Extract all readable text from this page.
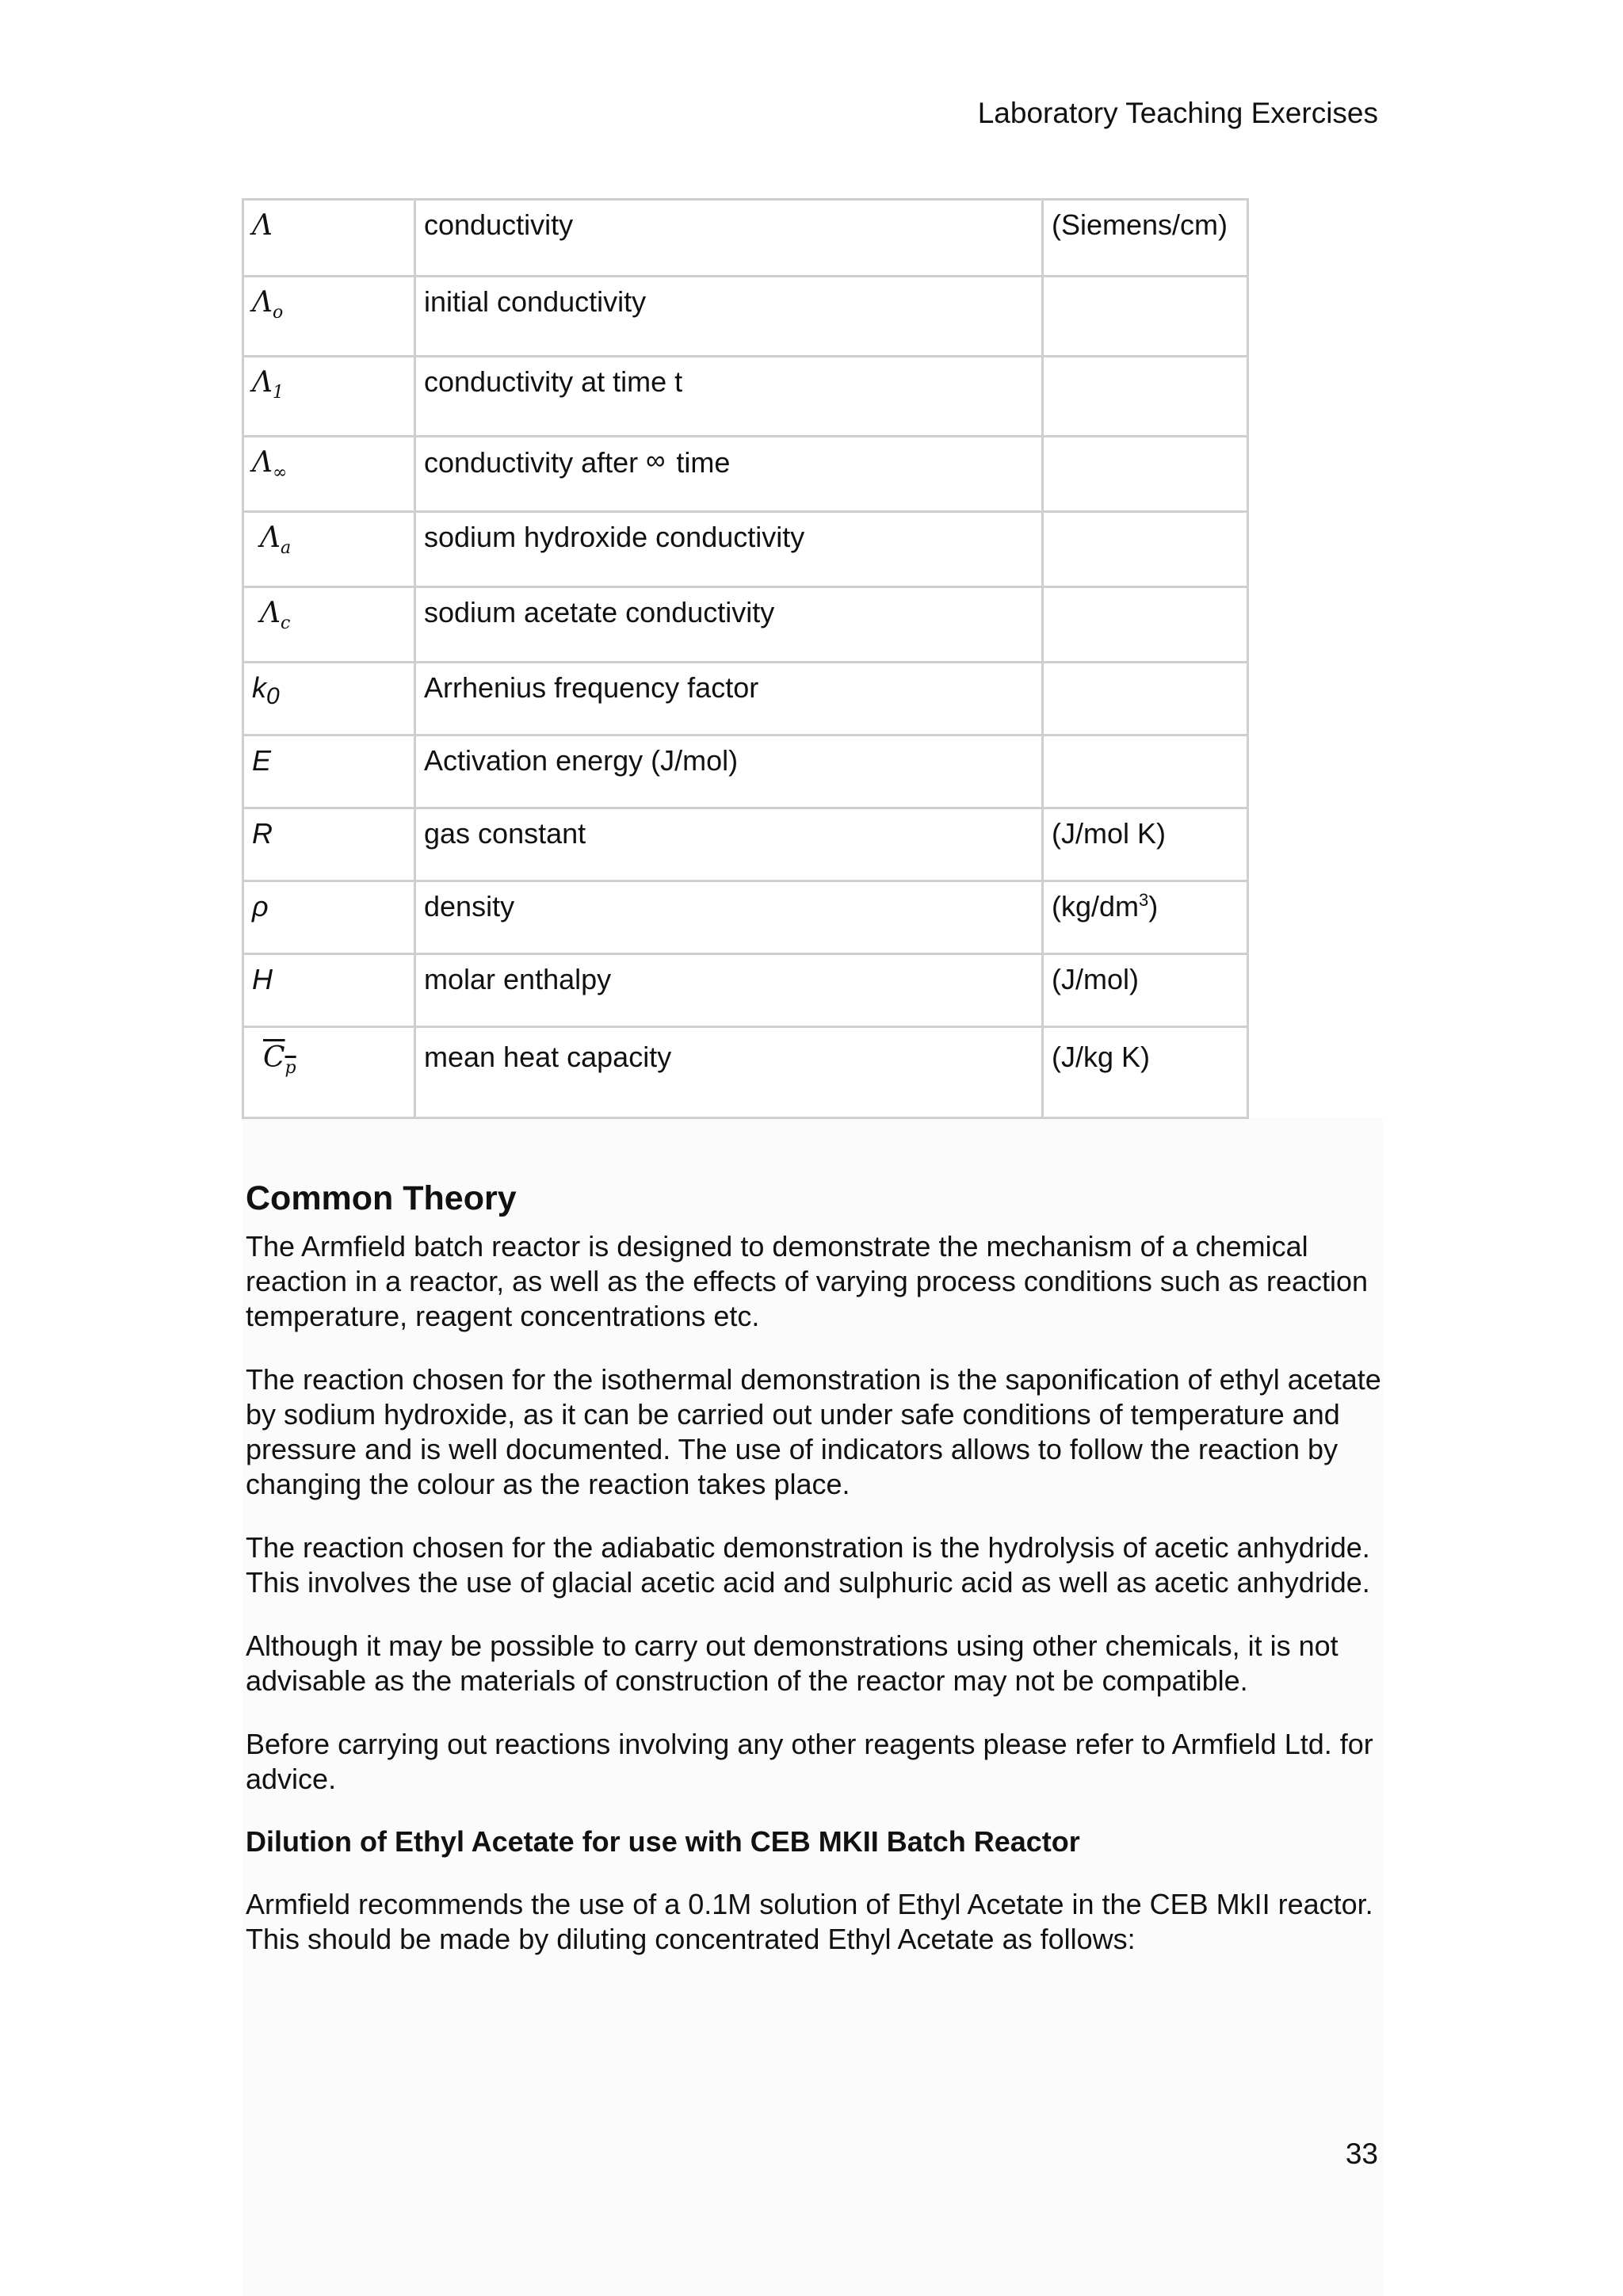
Laboratory Teaching Exercises
Λ	conductivity	(Siemens/cm)
$\Lambda_o$	initial conductivity	
$\Lambda_1$	conductivity at time t	
$\Lambda_\infty$	conductivity after ∞ time	
$\Lambda_a$	sodium hydroxide conductivity	
$\Lambda_c$	sodium acetate conductivity	
$k_0$	Arrhenius frequency factor	
E	Activation energy (J/mol)	
R	gas constant	(J/mol K)
ρ	density	$(kg/dm^3)$
H	molar enthalpy	(J/mol)
$C_p$	mean heat capacity	(J/kg K)
Common Theory

The Armfield batch reactor is designed to demonstrate the mechanism of a chemical reaction in a reactor, as well as the effects of varying process conditions such as reaction temperature, reagent concentrations etc.

The reaction chosen for the isothermal demonstration is the saponification of ethyl acetate by sodium hydroxide, as it can be carried out under safe conditions of temperature and pressure and is well documented. The use of indicators allows to follow the reaction by changing the colour as the reaction takes place.

The reaction chosen for the adiabatic demonstration is the hydrolysis of acetic anhydride. This involves the use of glacial acetic acid and sulphuric acid as well as acetic anhydride.

Although it may be possible to carry out demonstrations using other chemicals, it is not advisable as the materials of construction of the reactor may not be compatible.

Before carrying out reactions involving any other reagents please refer to Armfield Ltd. for advice.

Dilution of Ethyl Acetate for use with CEB MKII Batch Reactor

Armfield recommends the use of a 0.1M solution of Ethyl Acetate in the CEB MkII reactor. This should be made by diluting concentrated Ethyl Acetate as follows:

33
